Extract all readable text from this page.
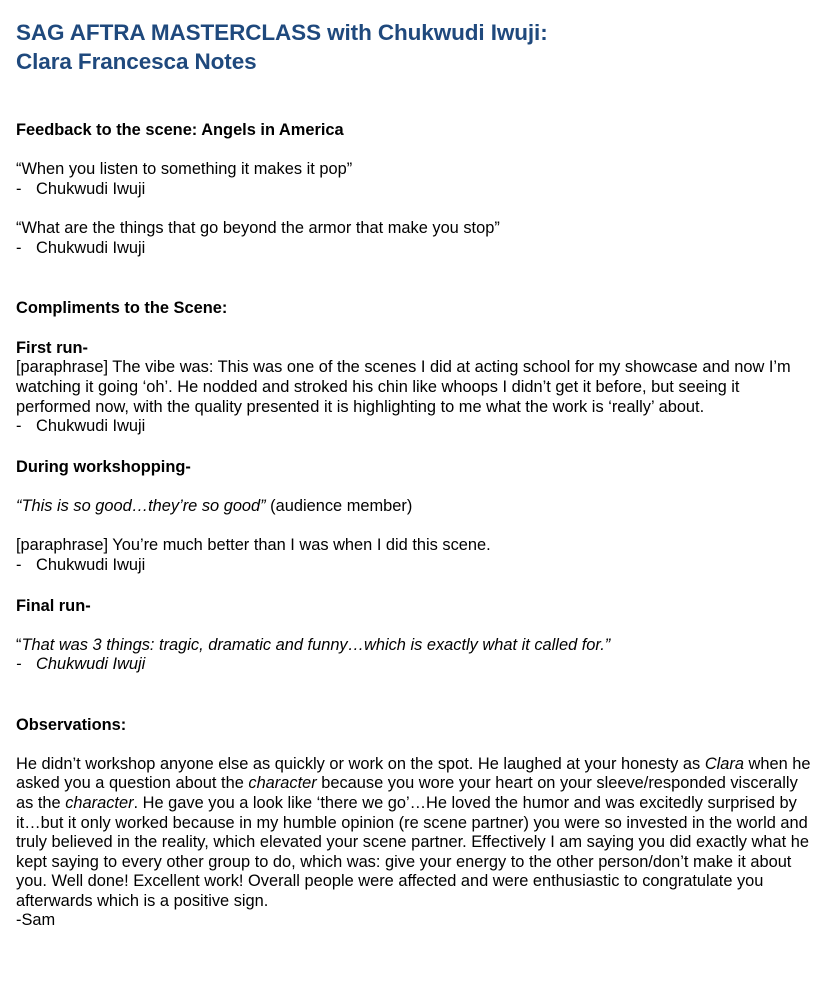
SAG AFTRA MASTERCLASS with Chukwudi Iwuji:
Clara Francesca Notes
Feedback to the scene: Angels in America

“When you listen to something it makes it pop”

- Chukwudi Iwuji

“What are the things that go beyond the armor that make you stop”

- Chukwudi Iwuji

Compliments to the Scene:
First run-

[paraphrase] The vibe was: This was one of the scenes I did at acting school for my showcase and now I’m watching it going ‘oh’. He nodded and stroked his chin like whoops I didn’t get it before, but seeing it performed now, with the quality presented it is highlighting to me what the work is ‘really’ about.

- Chukwudi Iwuji

During workshopping-

“This is so good…they’re so good” (audience member)

[paraphrase] You’re much better than I was when I did this scene.

- Chukwudi Iwuji

Final run-

“That was 3 things: tragic, dramatic and funny…which is exactly what it called for.”

- Chukwudi Iwuji

Observations:

He didn’t workshop anyone else as quickly or work on the spot. He laughed at your honesty as Clara when he asked you a question about the character because you wore your heart on your sleeve/responded viscerally as the character. He gave you a look like ‘there we go’…He loved the humor and was excitedly surprised by it…but it only worked because in my humble opinion (re scene partner) you were so invested in the world and truly believed in the reality, which elevated your scene partner. Effectively I am saying you did exactly what he kept saying to every other group to do, which was: give your energy to the other person/don’t make it about you. Well done! Excellent work! Overall people were affected and were enthusiastic to congratulate you afterwards which is a positive sign.

-Sam
